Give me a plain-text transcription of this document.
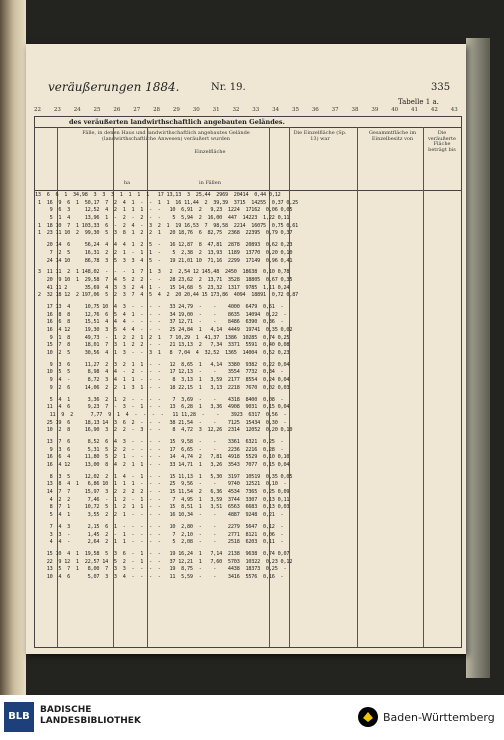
veräußerungen 1884.	Nr. 19.	335
Tabelle 1 a.
22 23 24 25 26 27 28 29 30 31 32 33 34 35 36 37 38 39 40 41 42 43
des veräußerten landwirthschaftlich angebauten Geländes.
Fälle, in denen Haus und landwirthschaftlich angebautes Gelände (landwirthschaftliche Anwesen) veräußert wurden
Einzelfläche
Die Einzelfläche (Sp. 13) war
Gesammtfläche im Einzelbesitz von
Die veräußerte Fläche beträgt bis
in Fällen
ha
13  6  6  1  34,98  3  3  3  1  1  1  1   17 13,13  3  25,44  2969  20414  0,44 0,12
1  16  9  6  1  50,17  7  2  4  1  -  -  1  1  16 11,44  2  39,39  3715  14255  0,37 0,25
9  6  3     12,52  4  2  1  1  1  -  -   10  6,91  2   9,23  1224  17162  0,06 0,05
5  1  4     13,96  1  -  2  -  2  -  -    5  5,94  2  16,00  447  14223  1,22 0,11
1  18 10  7  1 103,33  6  -  2  4  -  3  2  1  19 16,53  7  98,58  2214  16075  0,75 0,61
1  23 11 10  2  99,30  5  3  8  1  2  2  1   20 18,76  6  82,75  2368  22395  0,79 0,37
20 14  6     56,24  4  4  4  1  2  5  -   16 12,87  8  47,81  2878  20893  0,62 0,23
7  2  5     16,31  2  2  1  -  1  1  -    5  2,38  2  13,93  1189  13770  0,20 0,10
24 14 10     86,78  3  5  3  3  4  5  -   19 21,01 10  71,16  2299  17149  0,96 0,41
3  11 11  2  1 148,02  -  -  -  1  7  1  3   2  2,54 12 145,48  2450  18638  0,10 0,78
20  9 10  1  29,58  7  4  5  2  2  -  -   28 23,62  2  13,71  3528  18805  0,67 0,35
41 11 2      35,69  4  3  3  2  4  1  -   15 14,68  5  23,32  1317  9785  1,11 0,24
2  32 18 12  2 197,06  5  2  3  7  4  5  4  2  20 20,44 15 173,86  4094  18891  0,72 0,87
17 13  4     10,75 10  4  3  -  -  -  -   33 24,79  -    -    4000  6479  0,61  -
16  8  8     12,76  6  5  4  1  -  -  -   34 19,00  -    -    8635  14094  0,22  -
16  6  8     15,51  4  4  4  -  -  -  -   37 12,71  -    -    8486  6390  0,36  -
16  4 12     19,30  3  5  4  4  -  -  -   25 24,84  1   4,14  4449  19741  0,35 0,02
9  1  8     49,73  -  1  2  2  1  2  1   7 10,29  1  41,37  1386  10285  0,74 0,25
15  7  8     18,01  7  3  1  2  2  -  -   21 13,13  2   7,34  3371  5591  0,40 0,08
10  2  5     30,56  4  1  3  -  -  3  1   8  7,04  4  32,52  1365  14004  0,52 0,23
9  3  6     11,27  2  3  2  1  1  -  -   12  8,65  1   4,14  3380  9382  0,22 0,04
10  5  5      8,98  4  4  -  2  -  -  -   17 12,13  -    -    3554  7732  0,34  -
9  4  -      8,72  3  4  1  1  -  -  -    8  3,13  1   3,59  2177  8554  0,24 0,04
9  2  6     14,06  2  2  1  3  1  -  -   18 22,15  1   3,13  2218  7670  0,02 0,03
5  4  1      3,36  2  1  2  -  -  -  -    7  3,69  -    -    4318  8400  0,08  -
11  4  6      9,23  7  -  3  -  1  -  -   13  6,28  1   3,36  4908  9031  0,15 0,04
11  9  2      7,77  9  1  4  -  -  -  -   11 11,28  -    -    3923  6317  0,56  -
25 19  6     18,13 14  3  6  2  -  -  -   38 21,54  -    -    7125  15434  0,30  -
10  2  8     16,90  3  2  2  -  3  -  -    8  4,72  3  12,26  2314  12052  0,20 0,10
13  7  6      8,52  6  4  3  -  -  -  -   15  9,58  -    -    3361  6321  0,25  -
9  3  6      5,31  5  2  2  -  -  -  -   17  6,65  -    -    2236  2216  0,28  -
16  6  4     11,80  5  2  1  -  -  -  -   14  4,74  2   7,81  4918  5529  0,10 0,10
16  4 12     13,00  8  4  2  1  1  -  -   33 14,71  1   3,26  3543  7077  0,15 0,04
8  3  5     12,02  2  1  4  -  1  -  -   15 11,13  1   5,30  3197  10519  0,35 0,05
13  8  4  1   6,86 10  1  1  1  -  -  -   25  9,56  -    -    9740  12521  0,10  -
14  7  7     15,97  3  2  2  2  2  -  -   15 11,54  2   6,36  4534  7365  0,25 0,09
4  2  2      7,46  -  1  2  -  1  -  -    7  4,95  1   3,59  3744  3307  0,13 0,11
8  7  1     10,72  5  1  2  1  1  -  -   15  8,51  1   3,51  6563  6683  0,13 0,03
5  4  1      3,55  2  2  1  -  -  -  -   16 10,34  -    -    4887  9248  0,21  -
7  4  3      2,15  6  1  -  -  -  -  -   10  2,80  -    -    2279  5647  0,12  -
3  3  -      1,45  2  -  1  -  -  -  -    7  2,10  -    -    2771  8121  0,06  -
4  4  -      2,64  2  1  1  -  -  -  -    5  2,08  -    -    2518  6203  0,11  -
15 10  4  1  19,58  5  3  6  -  1  -  -   19 16,24  1   7,14  2138  9638  0,74 0,07
22  9 12  1  22,57 14  5  2  -  1  -  -   37 12,21  1   7,60  5703  10322  0,23 0,12
13  5  7  1   8,00  7  3  3  -  -  -  -   19  8,75  -    -    4438  18373  0,25  -
10  4  6      5,07  3  3  4  -  -  -  -   11  5,59  -    -    3416  5576  0,16  -
BLB
BADISCHE
LANDESBIBLIOTHEK	Baden-Württemberg
